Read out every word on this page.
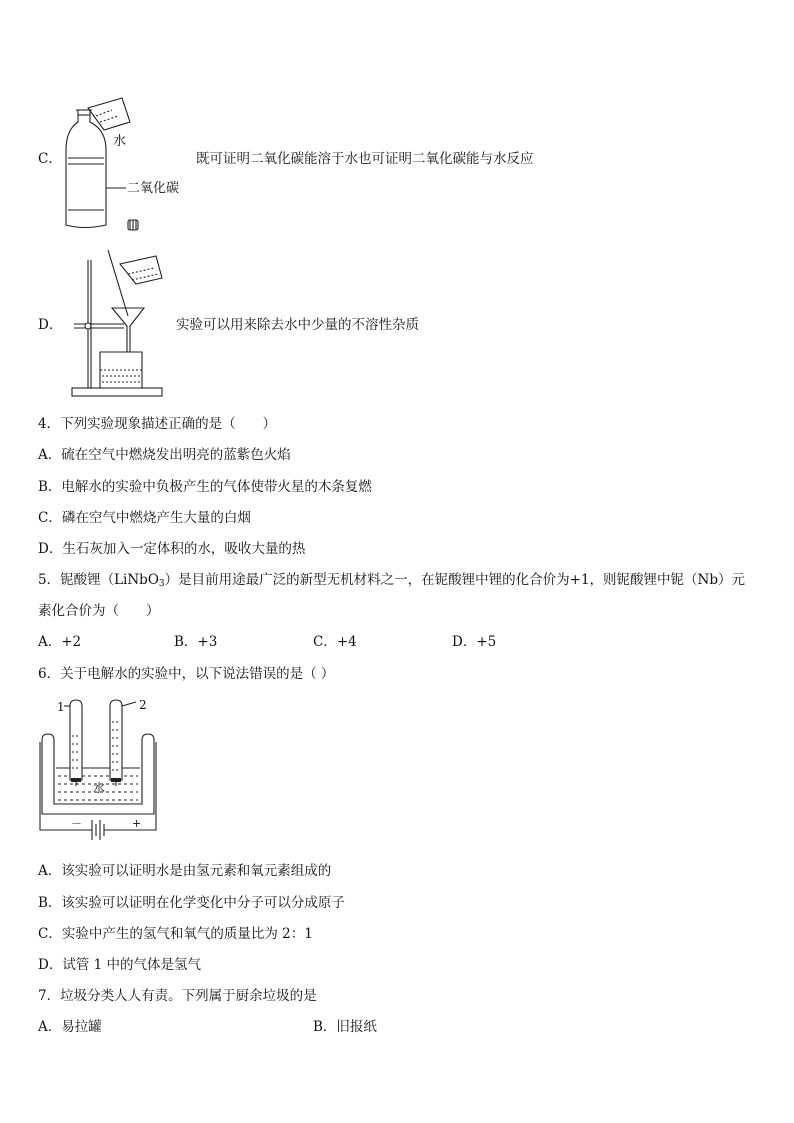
C．
水
二氧化碳
既可证明二氧化碳能溶于水也可证明二氧化碳能与水反应
D．	实验可以用来除去水中少量的不溶性杂质
4．下列实验现象描述正确的是（　　）
A．硫在空气中燃烧发出明亮的蓝紫色火焰
B．电解水的实验中负极产生的气体使带火星的木条复燃
C．磷在空气中燃烧产生大量的白烟
D．生石灰加入一定体积的水，吸收大量的热
5．铌酸锂（LiNbO$_3$）是目前用途最广泛的新型无机材料之一，在铌酸锂中锂的化合价为+1，则铌酸锂中铌（Nb）元
素化合价为（　　）
A．+2	B．+3	C．+4	D．+5
6．关于电解水的实验中，以下说法错误的是（ ）
1	2
水
－	+
A．该实验可以证明水是由氢元素和氧元素组成的
B．该实验可以证明在化学变化中分子可以分成原子
C．实验中产生的氢气和氧气的质量比为 2：1
D．试管 1 中的气体是氢气
7．垃圾分类人人有责。下列属于厨余垃圾的是
A．易拉罐	B．旧报纸
